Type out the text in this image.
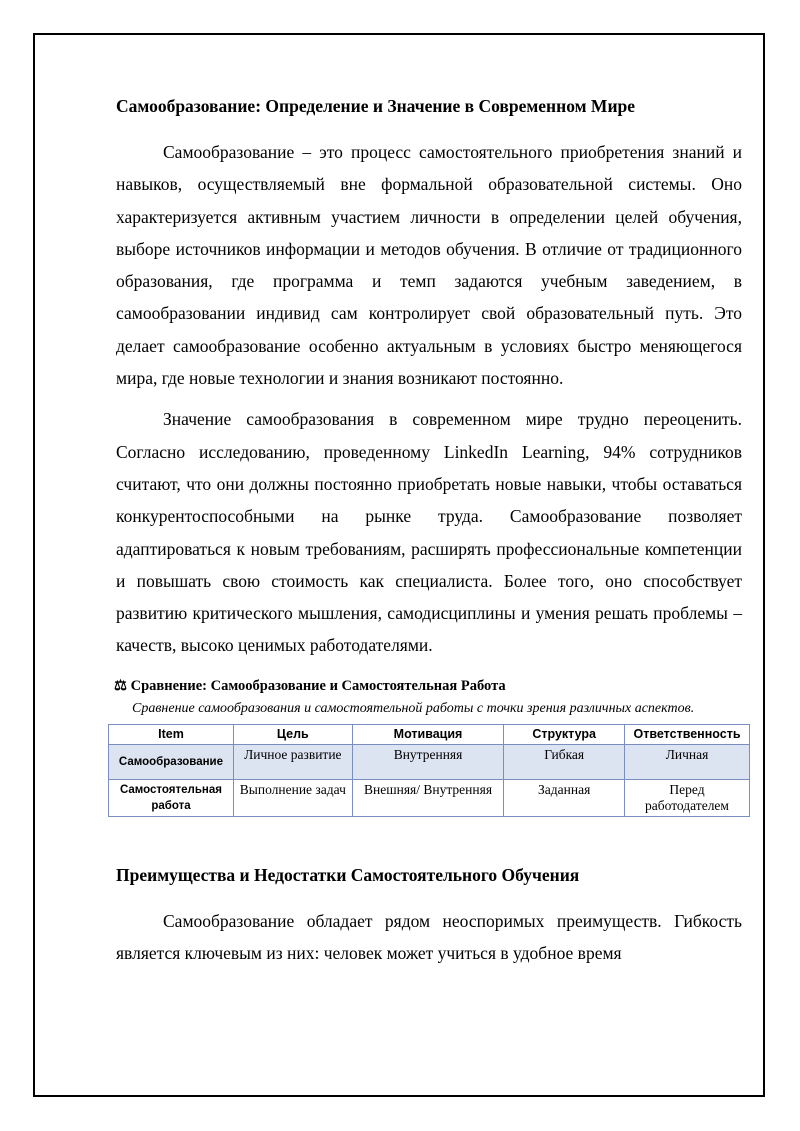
Самообразование: Определение и Значение в Современном Мире

Самообразование – это процесс самостоятельного приобретения знаний и навыков, осуществляемый вне формальной образовательной системы. Оно характеризуется активным участием личности в определении целей обучения, выборе источников информации и методов обучения. В отличие от традиционного образования, где программа и темп задаются учебным заведением, в самообразовании индивид сам контролирует свой образовательный путь. Это делает самообразование особенно актуальным в условиях быстро меняющегося мира, где новые технологии и знания возникают постоянно.

Значение самообразования в современном мире трудно переоценить. Согласно исследованию, проведенному LinkedIn Learning, 94% сотрудников считают, что они должны постоянно приобретать новые навыки, чтобы оставаться конкурентоспособными на рынке труда. Самообразование позволяет адаптироваться к новым требованиям, расширять профессиональные компетенции и повышать свою стоимость как специалиста. Более того, оно способствует развитию критического мышления, самодисциплины и умения решать проблемы – качеств, высоко ценимых работодателями.

⚖ Сравнение: Самообразование и Самостоятельная Работа
Сравнение самообразования и самостоятельной работы с точки зрения различных аспектов.
Item	Цель	Мотивация	Структура	Ответственность
Самообразование	Личное развитие	Внутренняя	Гибкая	Личная
Самостоятельная работа	Выполнение задач	Внешняя/ Внутренняя	Заданная	Перед работодателем
Преимущества и Недостатки Самостоятельного Обучения

Самообразование обладает рядом неоспоримых преимуществ. Гибкость является ключевым из них: человек может учиться в удобное время
